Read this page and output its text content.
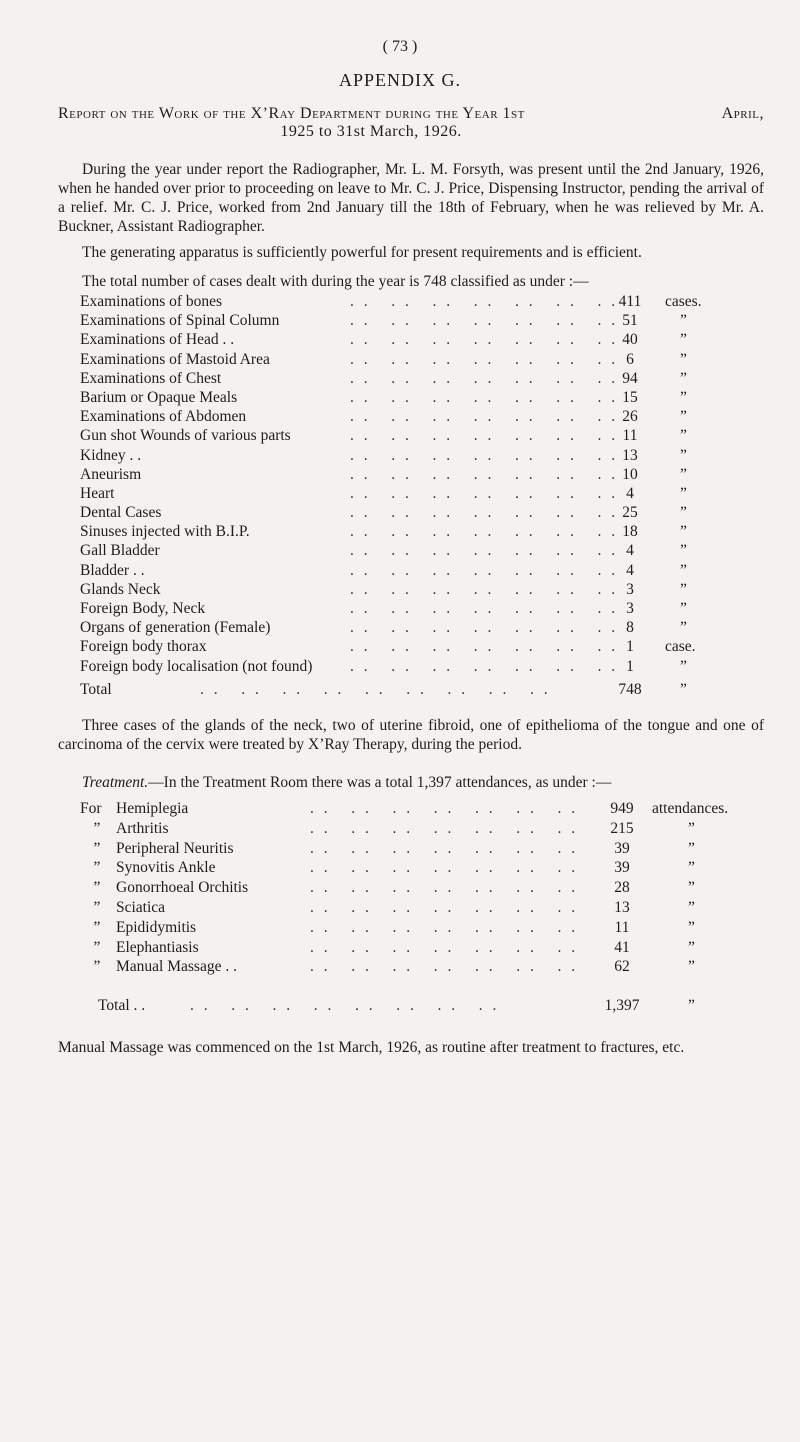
( 73 )
APPENDIX G.
Report on the Work of the X’Ray Department during the Year 1st	April,
1925 to 31st March, 1926.
During the year under report the Radiographer, Mr. L. M. Forsyth, was present until the 2nd January, 1926, when he handed over prior to proceeding on leave to Mr. C. J. Price, Dispensing Instructor, pending the arrival of a relief. Mr. C. J. Price, worked from 2nd January till the 18th of February, when he was relieved by Mr. A. Buckner, Assistant Radiographer.
The generating apparatus is sufficiently powerful for present requirements and is efficient.
The total number of cases dealt with during the year is 748 classified as under :—
Examinations of bones	. .   . .   . .   . .   . .   . .   . . 411	cases.
Examinations of Spinal Column	. .   . .   . .   . .   . .   . .   . . 51	”
Examinations of Head . .	. .   . .   . .   . .   . .   . .   . . 40	”
Examinations of Mastoid Area	. .   . .   . .   . .   . .   . .   . . 6	”
Examinations of Chest	. .   . .   . .   . .   . .   . .   . . 94	”
Barium or Opaque Meals	. .   . .   . .   . .   . .   . .   . . 15	”
Examinations of Abdomen	. .   . .   . .   . .   . .   . .   . . 26	”
Gun shot Wounds of various parts	. .   . .   . .   . .   . .   . .   . . 11	”
Kidney . .	. .   . .   . .   . .   . .   . .   . . 13	”
Aneurism	. .   . .   . .   . .   . .   . .   . . 10	”
Heart	. .   . .   . .   . .   . .   . .   . . 4	”
Dental Cases	. .   . .   . .   . .   . .   . .   . . 25	”
Sinuses injected with B.I.P.	. .   . .   . .   . .   . .   . .   . . 18	”
Gall Bladder	. .   . .   . .   . .   . .   . .   . . 4	”
Bladder . .	. .   . .   . .   . .   . .   . .   . . 4	”
Glands Neck	. .   . .   . .   . .   . .   . .   . . 3	”
Foreign Body, Neck	. .   . .   . .   . .   . .   . .   . . 3	”
Organs of generation (Female)	. .   . .   . .   . .   . .   . .   . . 8	”
Foreign body thorax	. .   . .   . .   . .   . .   . .   . . 1	case.
Foreign body localisation (not found) . .   . .   . .   . .   . .   . .   . . 1	”
Total	. .   . .   . .   . .   . .   . .   . .   . .   . .	748	”
Three cases of the glands of the neck, two of uterine fibroid, one of epithelioma of the tongue and one of carcinoma of the cervix were treated by X’Ray Therapy, during the period.
Treatment.—In the Treatment Room there was a total 1,397 attendances, as under :—
For Hemiplegia	. .   . .   . .   . .   . .   . .   . .	949	attendances.
”	Arthritis	. .   . .   . .   . .   . .   . .   . .	215	”
”	Peripheral Neuritis	. .   . .   . .   . .   . .   . .   . .	39	”
”	Synovitis Ankle	. .   . .   . .   . .   . .   . .   . .	39	”
”	Gonorrhoeal Orchitis	. .   . .   . .   . .   . .   . .   . .	28	”
”	Sciatica	. .   . .   . .   . .   . .   . .   . .	13	”
”	Epididymitis	. .   . .   . .   . .   . .   . .   . .	11	”
”	Elephantiasis	. .   . .   . .   . .   . .   . .   . .	41	”
”	Manual Massage . .	. .   . .   . .   . .   . .   . .   . .	62	”
Total . .	. .   . .   . .   . .   . .   . .   . .   . .	1,397	”
Manual Massage was commenced on the 1st March, 1926, as routine after treatment to fractures, etc.
